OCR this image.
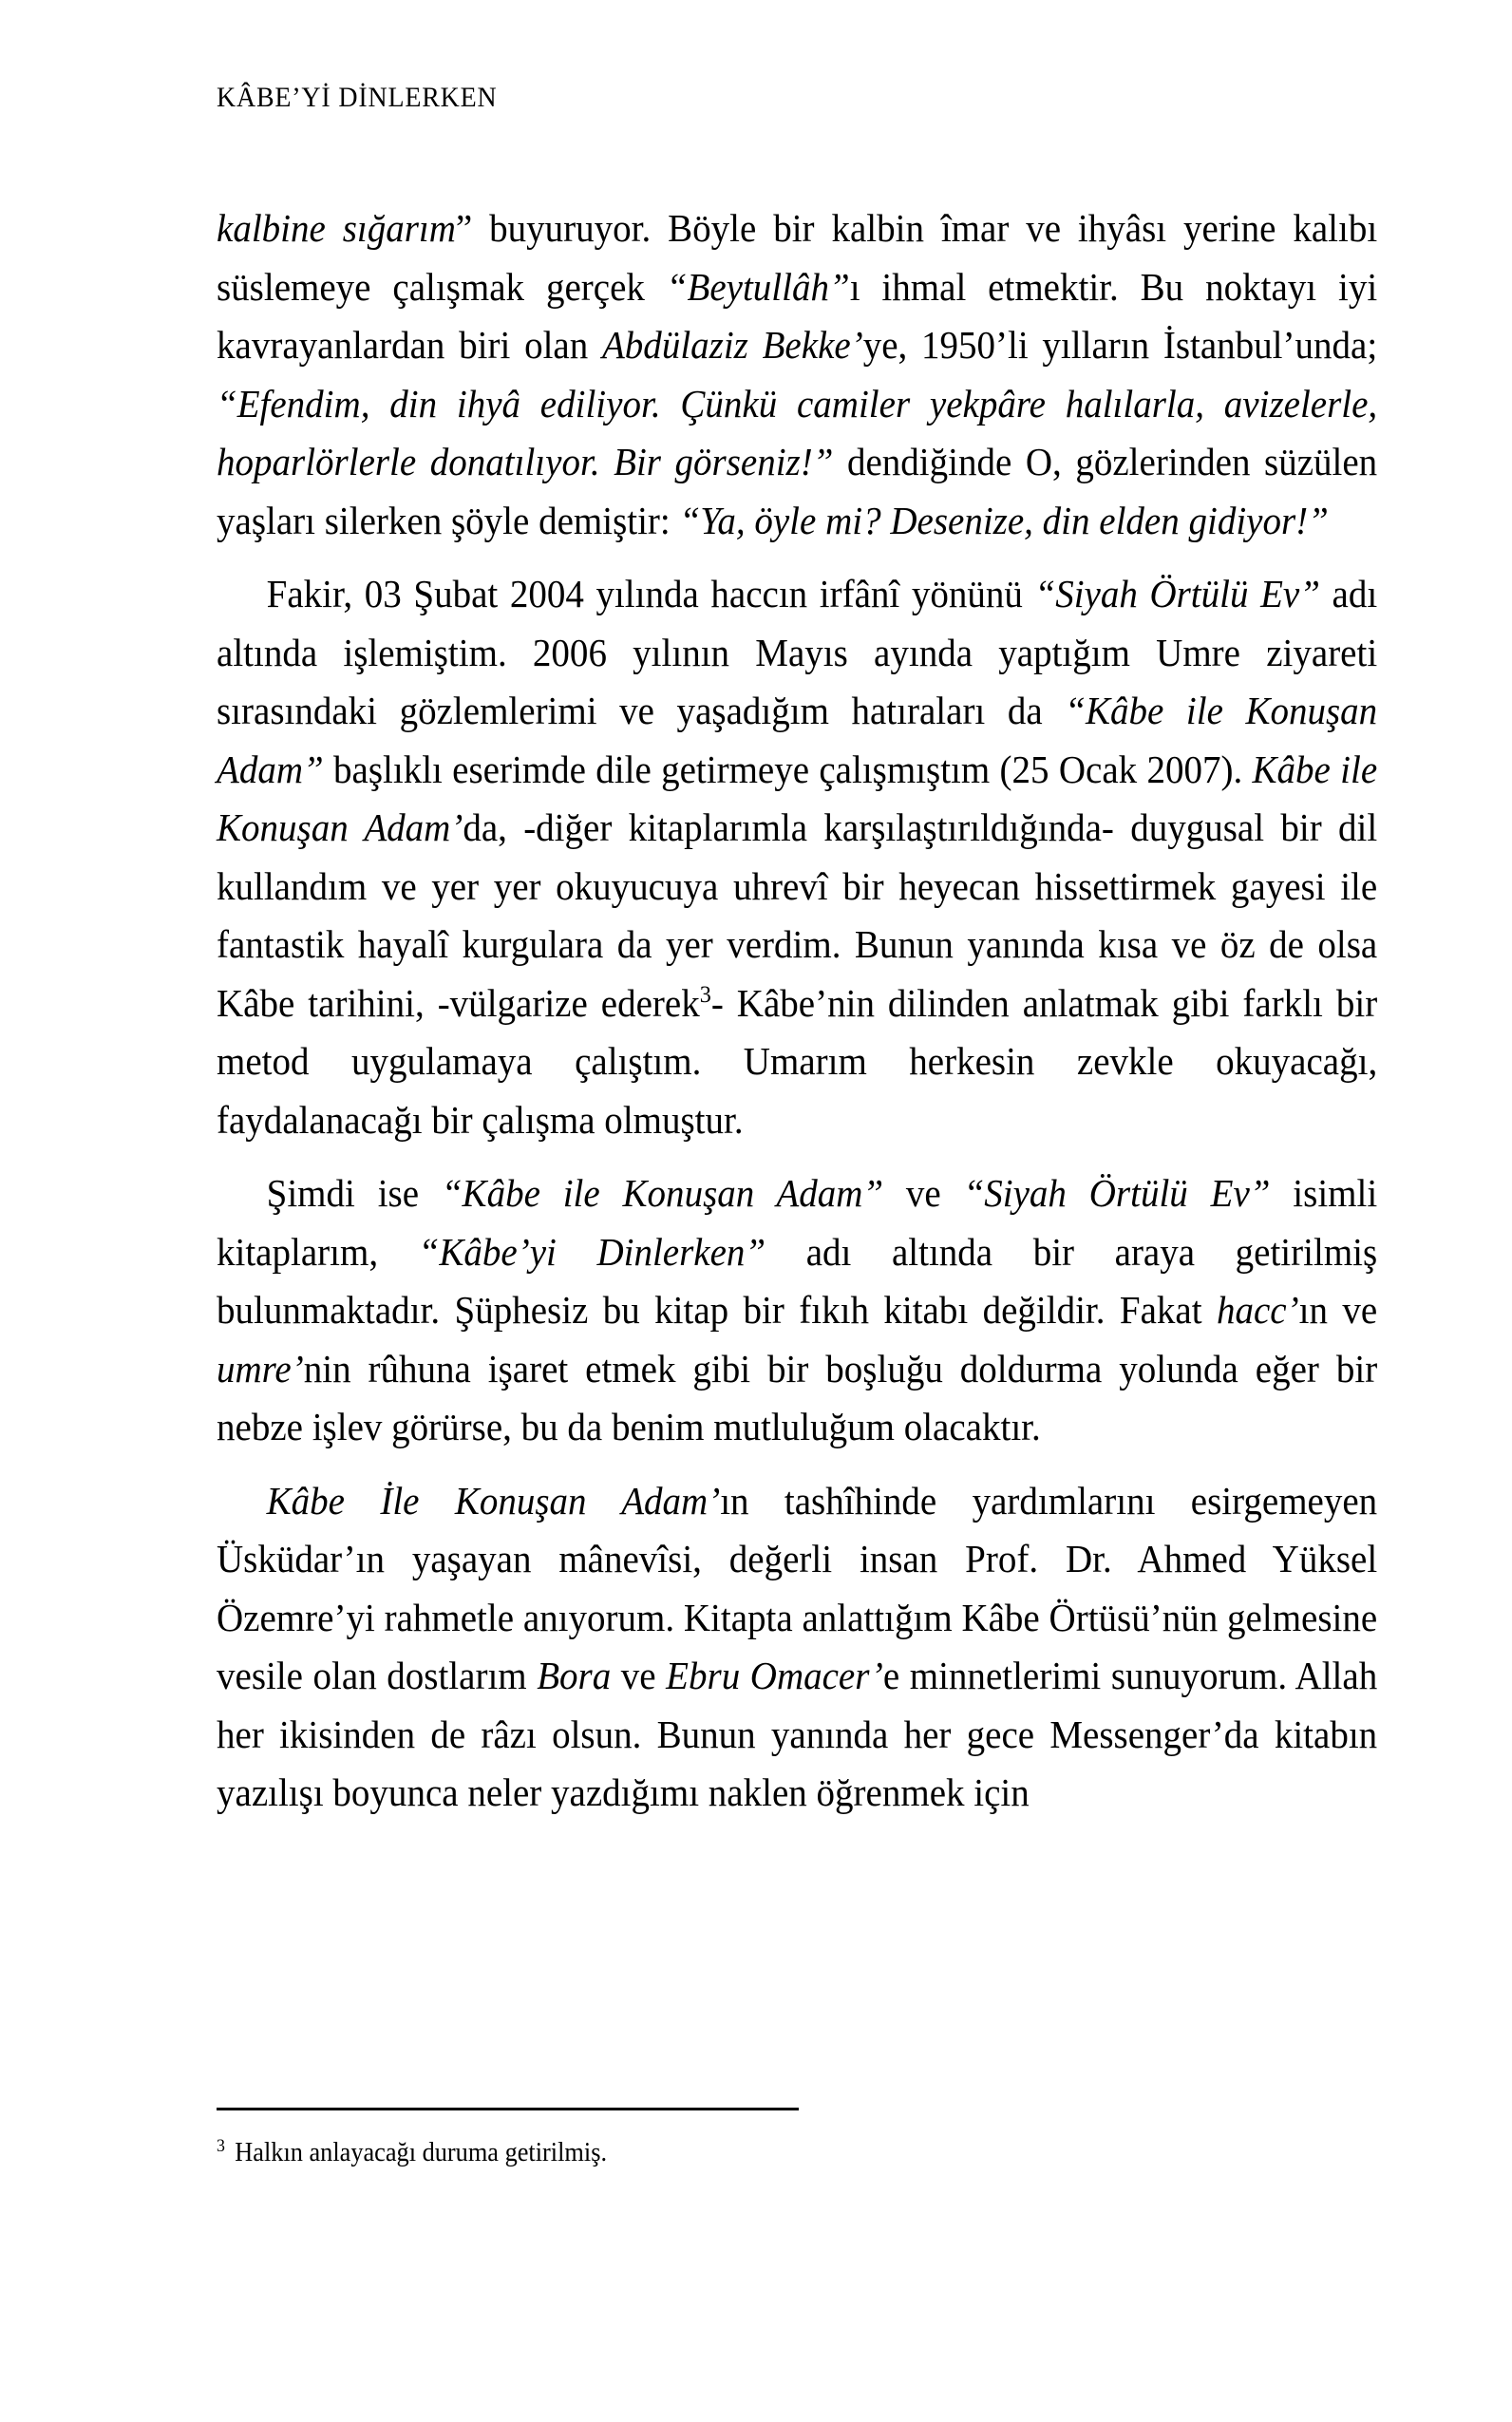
KÂBE’Yİ DİNLERKEN

kalbine sığarım” buyuruyor. Böyle bir kalbin îmar ve ihyâsı yerine kalıbı süslemeye çalışmak gerçek “Beytullâh”ı ihmal etmektir. Bu noktayı iyi kavrayanlardan biri olan Abdülaziz Bekke’ye, 1950’li yılların İstanbul’unda; “Efendim, din ihyâ ediliyor. Çünkü camiler yekpâre halılarla, avizelerle, hoparlörlerle donatılıyor. Bir görseniz!” dendiğinde O, gözlerinden süzülen yaşları silerken şöyle demiştir: “Ya, öyle mi? Desenize, din elden gidiyor!”

Fakir, 03 Şubat 2004 yılında haccın irfânî yönünü “Siyah Örtülü Ev” adı altında işlemiştim. 2006 yılının Mayıs ayında yaptığım Umre ziyareti sırasındaki gözlemlerimi ve yaşadığım hatıraları da “Kâbe ile Konuşan Adam” başlıklı eserimde dile getirmeye çalışmıştım (25 Ocak 2007). Kâbe ile Konuşan Adam’da, -diğer kitaplarımla karşılaştırıldığında- duygusal bir dil kullandım ve yer yer okuyucuya uhrevî bir heyecan hissettirmek gayesi ile fantastik hayalî kurgulara da yer verdim. Bunun yanında kısa ve öz de olsa Kâbe tarihini, -vülgarize ederek$^3$- Kâbe’nin dilinden anlatmak gibi farklı bir metod uygulamaya çalıştım. Umarım herkesin zevkle okuyacağı, faydalanacağı bir çalışma olmuştur.

Şimdi ise “Kâbe ile Konuşan Adam” ve “Siyah Örtülü Ev” isimli kitaplarım, “Kâbe’yi Dinlerken” adı altında bir araya getirilmiş bulunmaktadır. Şüphesiz bu kitap bir fıkıh kitabı değildir. Fakat hacc’ın ve umre’nin rûhuna işaret etmek gibi bir boşluğu doldurma yolunda eğer bir nebze işlev görürse, bu da benim mutluluğum olacaktır.

Kâbe İle Konuşan Adam’ın tashîhinde yardımlarını esirgemeyen Üsküdar’ın yaşayan mânevîsi, değerli insan Prof. Dr. Ahmed Yüksel Özemre’yi rahmetle anıyorum. Kitapta anlattığım Kâbe Örtüsü’nün gelmesine vesile olan dostlarım Bora ve Ebru Omacer’e minnetlerimi sunuyorum. Allah her ikisinden de râzı olsun. Bunun yanında her gece Messenger’da kitabın yazılışı boyunca neler yazdığımı naklen öğrenmek için

$^3$ Halkın anlayacağı duruma getirilmiş.
